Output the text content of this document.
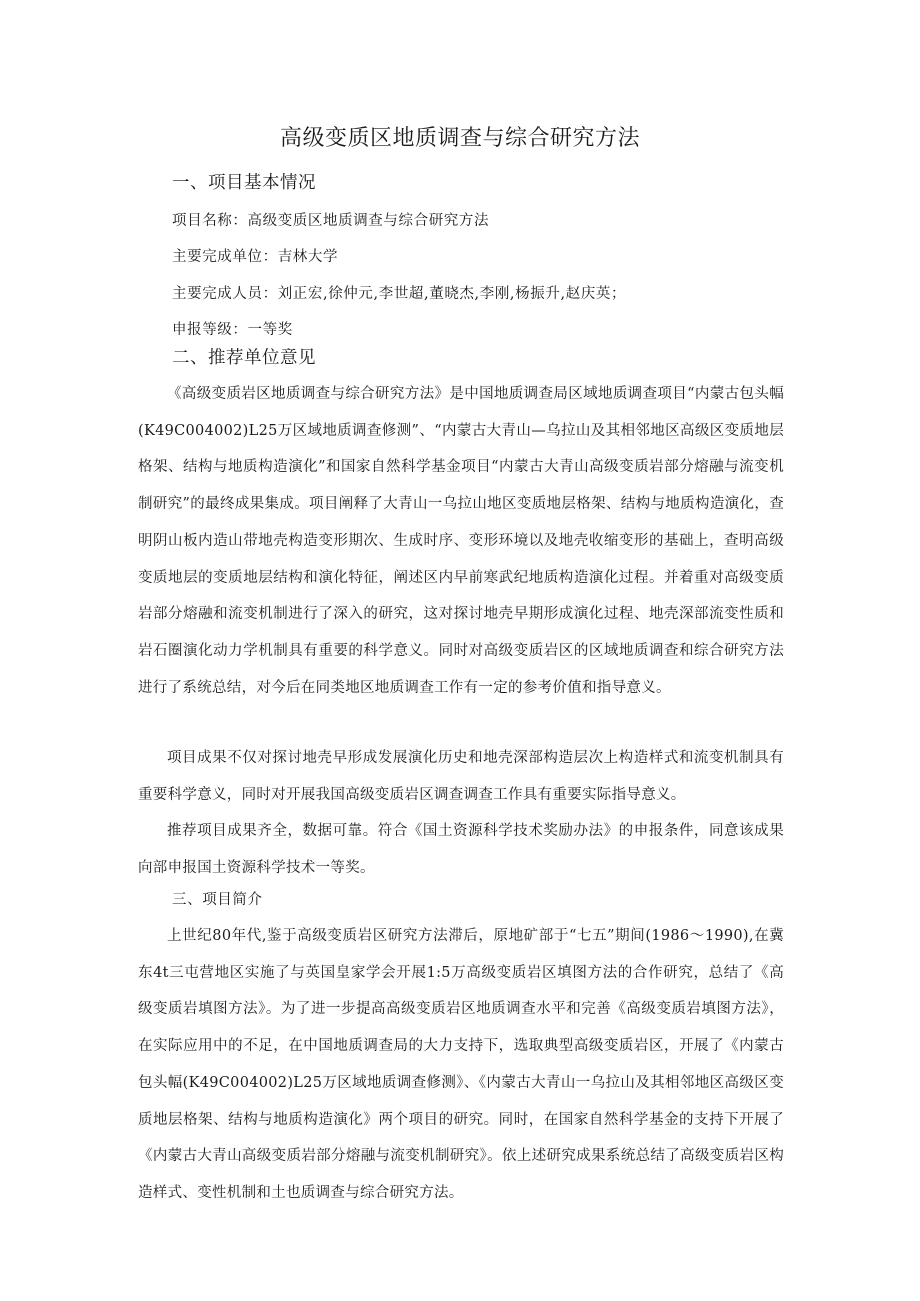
高级变质区地质调查与综合研究方法
一、项目基本情况
项目名称：高级变质区地质调查与综合研究方法
主要完成单位：吉林大学
主要完成人员：刘正宏,徐仲元,李世超,董晓杰,李刚,杨振升,赵庆英；
申报等级：一等奖
二、推荐单位意见

《高级变质岩区地质调查与综合研究方法》是中国地质调查局区域地质调查项目“内蒙古包头幅(K49C004002)L25万区域地质调查修测”、“内蒙古大青山—乌拉山及其相邻地区高级区变质地层格架、结构与地质构造演化”和国家自然科学基金项目“内蒙古大青山高级变质岩部分熔融与流变机制研究”的最终成果集成。项目阐释了大青山一乌拉山地区变质地层格架、结构与地质构造演化，查明阴山板内造山带地壳构造变形期次、生成时序、变形环境以及地壳收缩变形的基础上，查明高级变质地层的变质地层结构和演化特征，阐述区内早前寒武纪地质构造演化过程。并着重对高级变质岩部分熔融和流变机制进行了深入的研究，这对探讨地壳早期形成演化过程、地壳深部流变性质和岩石圈演化动力学机制具有重要的科学意义。同时对高级变质岩区的区域地质调查和综合研究方法进行了系统总结，对今后在同类地区地质调查工作有一定的参考价值和指导意义。

项目成果不仅对探讨地壳早形成发展演化历史和地壳深部构造层次上构造样式和流变机制具有重要科学意义，同时对开展我国高级变质岩区调查调查工作具有重要实际指导意义。

推荐项目成果齐全，数据可靠。符合《国土资源科学技术奖励办法》的申报条件，同意该成果向部申报国土资源科学技术一等奖。

三、项目简介

上世纪80年代,鉴于高级变质岩区研究方法滞后，原地矿部于“七五”期间(1986～1990),在冀东4t三屯营地区实施了与英国皇家学会开展1:5万高级变质岩区填图方法的合作研究，总结了《高级变质岩填图方法》。为了进一步提高高级变质岩区地质调查水平和完善《高级变质岩填图方法》，在实际应用中的不足，在中国地质调查局的大力支持下，选取典型高级变质岩区，开展了《内蒙古包头幅(K49C004002)L25万区域地质调查修测》、《内蒙古大青山一乌拉山及其相邻地区高级区变质地层格架、结构与地质构造演化》两个项目的研究。同时，在国家自然科学基金的支持下开展了《内蒙古大青山高级变质岩部分熔融与流变机制研究》。依上述研究成果系统总结了高级变质岩区构造样式、变性机制和土也质调查与综合研究方法。
